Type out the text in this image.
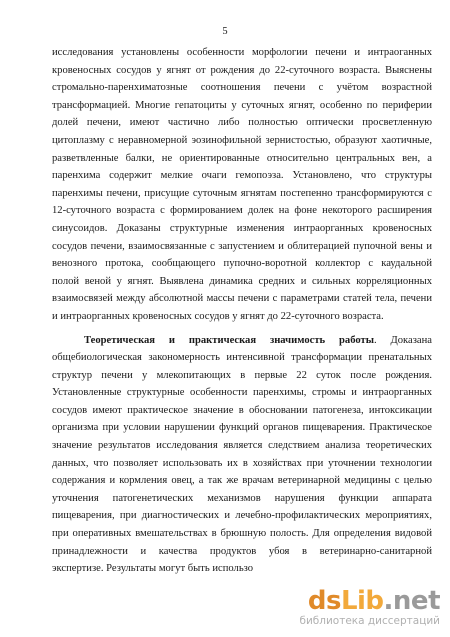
5
исследования установлены особенности морфологии печени и интраоганных
кровеносных сосудов у ягнят от рождения до 22-суточного возраста. Выяснены
стромально-паренхиматозные соотношения печени с учётом возрастной
трансформацией. Многие гепатоциты у суточных ягнят, особенно по периферии
долей печени, имеют частично либо полностью оптически просветленную
цитоплазму с неравномерной эозинофильной зернистостью, образуют хаотичные,
разветвленные балки, не ориентированные относительно центральных вен, а
паренхима содержит мелкие очаги гемопоэза. Установлено, что структуры
паренхимы печени, присущие суточным ягнятам постепенно трансформируются с
12-суточного возраста с формированием долек на фоне некоторого расширения
синусоидов. Доказаны структурные изменения интраорганных кровеносных
сосудов печени, взаимосвязанные с запустением и облитерацией пупочной вены и
венозного протока, сообщающего пупочно-воротной коллектор с каудальной
полой веной у ягнят. Выявлена динамика средних и сильных корреляционных
взаимосвязей между абсолютной массы печени с параметрами статей тела, печени
и интраорганных кровеносных сосудов у ягнят до 22-суточного возраста.
Теоретическая и практическая значимость работы. Доказана
общебиологическая закономерность интенсивной трансформации пренатальных
структур печени у млекопитающих в первые 22 суток после рождения.
Установленные структурные особенности паренхимы, стромы и интраорганных
сосудов имеют практическое значение в обосновании патогенеза, интоксикации
организма при условии нарушении функций органов пищеварения. Практическое
значение результатов исследования является следствием анализа теоретических
данных, что позволяет использовать их в хозяйствах при уточнении технологии
содержания и кормления овец, а так же врачам ветеринарной медицины с целью
уточнения патогенетических механизмов нарушения функции аппарата
пищеварения, при диагностических и лечебно-профилактических мероприятиях,
при оперативных вмешательствах в брюшную полость. Для определения видовой
принадлежности и качества продуктов убоя в ветеринарно-санитарной
экспертизе. Результаты могут быть использо
dsLib.net
библиотека диссертаций
